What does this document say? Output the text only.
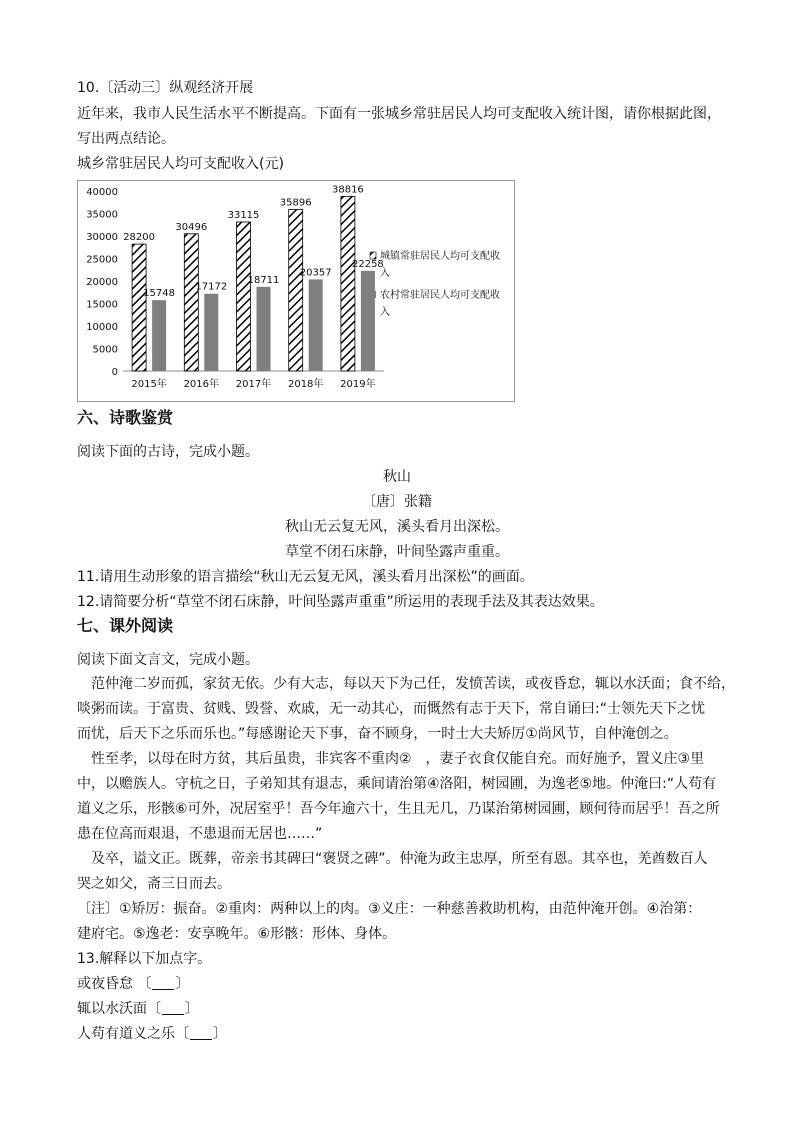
10.〔活动三〕纵观经济开展
近年来，我市人民生活水平不断提高。下面有一张城乡常驻居民人均可支配收入统计图，请你根据此图，
写出两点结论。
城乡常驻居民人均可支配收入(元)
0
5000
10000
15000
20000
25000
30000
35000
40000
2015年 2016年 2017年 2018年 2019年
28200
15748
30496
17172
33115
18711
35896
20357
38816
22258
城镇常驻居民人均可支配收
入
农村常驻居民人均可支配收
入
六、诗歌鉴赏
阅读下面的古诗，完成小题。
秋山
〔唐〕张籍
秋山无云复无风，溪头看月出深松。
草堂不闭石床静，叶间坠露声重重。
11.请用生动形象的语言描绘“秋山无云复无风，溪头看月出深松”的画面。
12.请简要分析“草堂不闭石床静，叶间坠露声重重”所运用的表现手法及其表达效果。
七、课外阅读
阅读下面文言文，完成小题。
范仲淹二岁而孤，家贫无依。少有大志，每以天下为己任，发愤苦读，或夜昏怠，辄以水沃面；食不给，
啖粥而读。于富贵、贫贱、毁誉、欢戚，无一动其心，而慨然有志于天下，常自诵曰:“士领先天下之忧
而忧，后天下之乐而乐也。”每感谢论天下事，奋不顾身，一时士大夫矫厉①尚风节，自仲淹创之。
性至孝，以母在时方贫，其后虽贵，非宾客不重肉②　，妻子衣食仅能自充。而好施予，置义庄③里
中，以赡族人。守杭之日，子弟知其有退志，乘间请治第④洛阳，树园圃，为逸老⑤地。仲淹曰:“人苟有
道义之乐，形骸⑥可外，况居室乎！吾今年逾六十，生且无几，乃谋治第树园圃，顾何待而居乎！吾之所
患在位高而艰退，不患退而无居也……”
及卒，谥文正。既葬，帝亲书其碑曰“褒贤之碑”。仲淹为政主忠厚，所至有恩。其卒也，羌酋数百人
哭之如父，斋三日而去。
〔注〕①矫厉：振奋。②重肉：两种以上的肉。③义庄：一种慈善救助机构，由范仲淹开创。④治第：
建府宅。⑤逸老：安享晚年。⑥形骸：形体、身体。
13.解释以下加点字。
或夜昏怠 〔 〕
辄以水沃面〔 〕
人苟有道义之乐〔 〕
